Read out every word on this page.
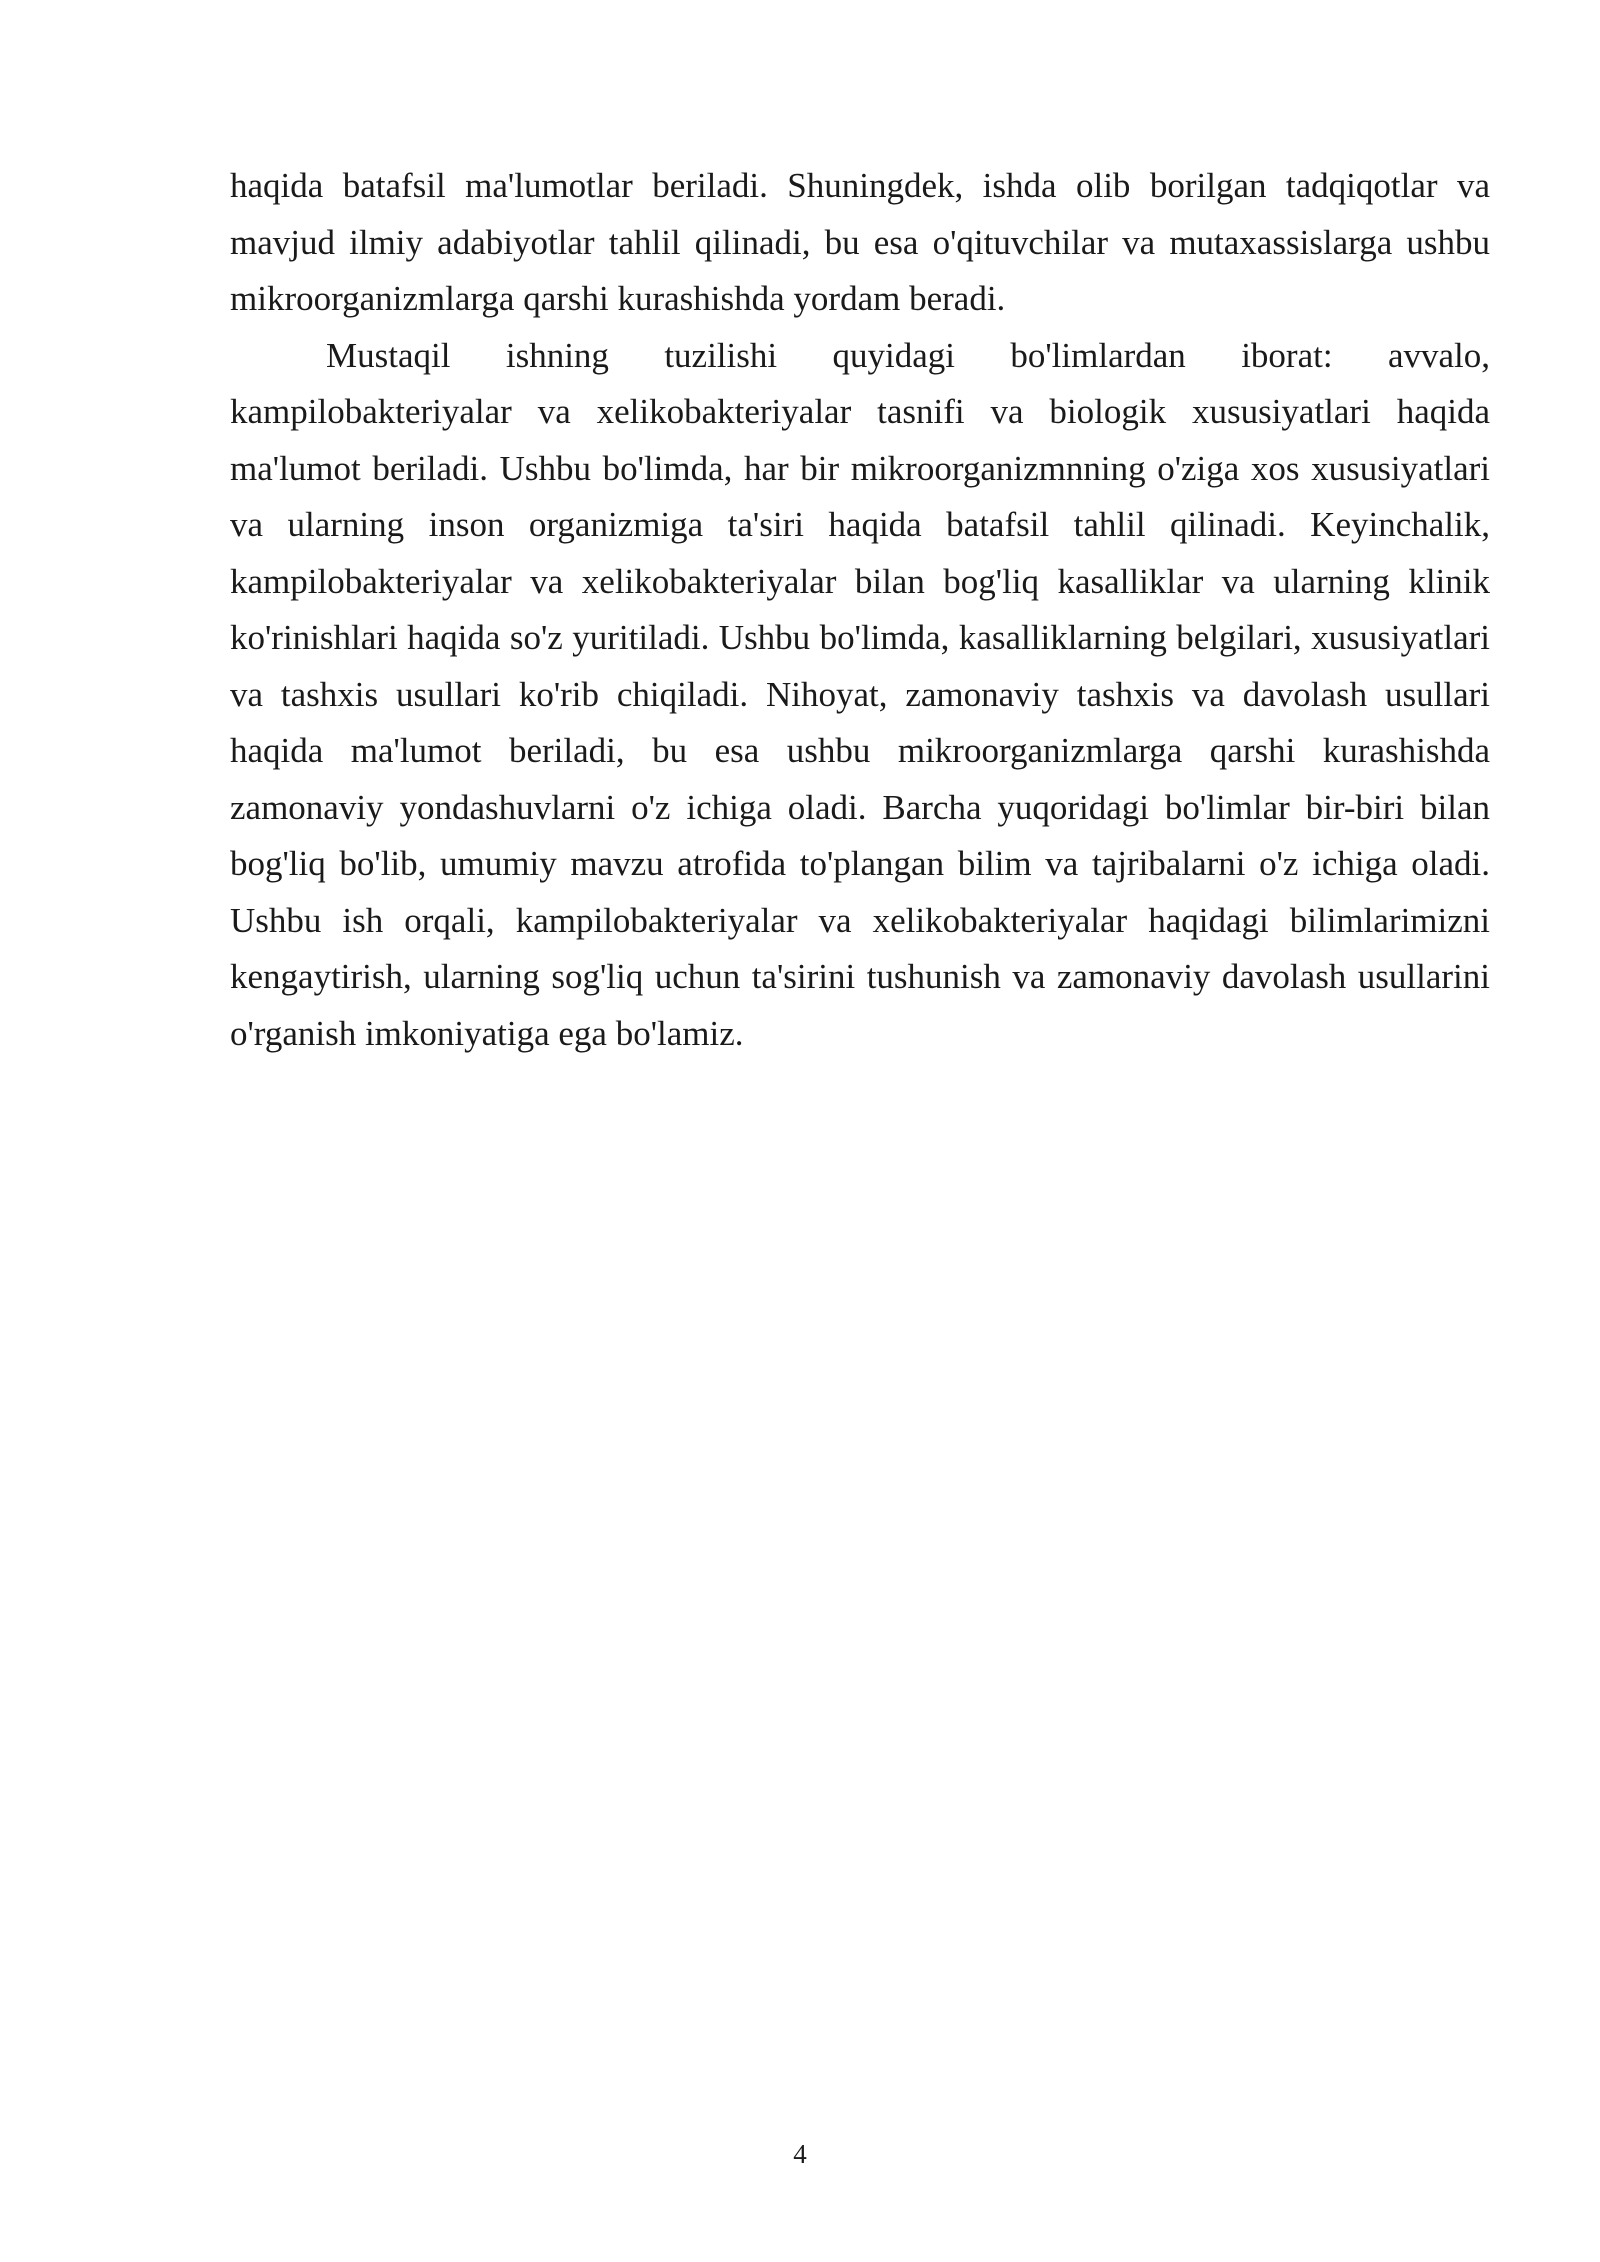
haqida batafsil ma'lumotlar beriladi. Shuningdek, ishda olib borilgan tadqiqotlar va mavjud ilmiy adabiyotlar tahlil qilinadi, bu esa o'qituvchilar va mutaxassislarga ushbu mikroorganizmlarga qarshi kurashishda yordam beradi.

Mustaqil ishning tuzilishi quyidagi bo'limlardan iborat: avvalo, kampilobakteriyalar va xelikobakteriyalar tasnifi va biologik xususiyatlari haqida ma'lumot beriladi. Ushbu bo'limda, har bir mikroorganizmnning o'ziga xos xususiyatlari va ularning inson organizmiga ta'siri haqida batafsil tahlil qilinadi. Keyinchalik, kampilobakteriyalar va xelikobakteriyalar bilan bog'liq kasalliklar va ularning klinik ko'rinishlari haqida so'z yuritiladi. Ushbu bo'limda, kasalliklarning belgilari, xususiyatlari va tashxis usullari ko'rib chiqiladi. Nihoyat, zamonaviy tashxis va davolash usullari haqida ma'lumot beriladi, bu esa ushbu mikroorganizmlarga qarshi kurashishda zamonaviy yondashuvlarni o'z ichiga oladi. Barcha yuqoridagi bo'limlar bir-biri bilan bog'liq bo'lib, umumiy mavzu atrofida to'plangan bilim va tajribalarni o'z ichiga oladi. Ushbu ish orqali, kampilobakteriyalar va xelikobakteriyalar haqidagi bilimlarimizni kengaytirish, ularning sog'liq uchun ta'sirini tushunish va zamonaviy davolash usullarini o'rganish imkoniyatiga ega bo'lamiz.

4
